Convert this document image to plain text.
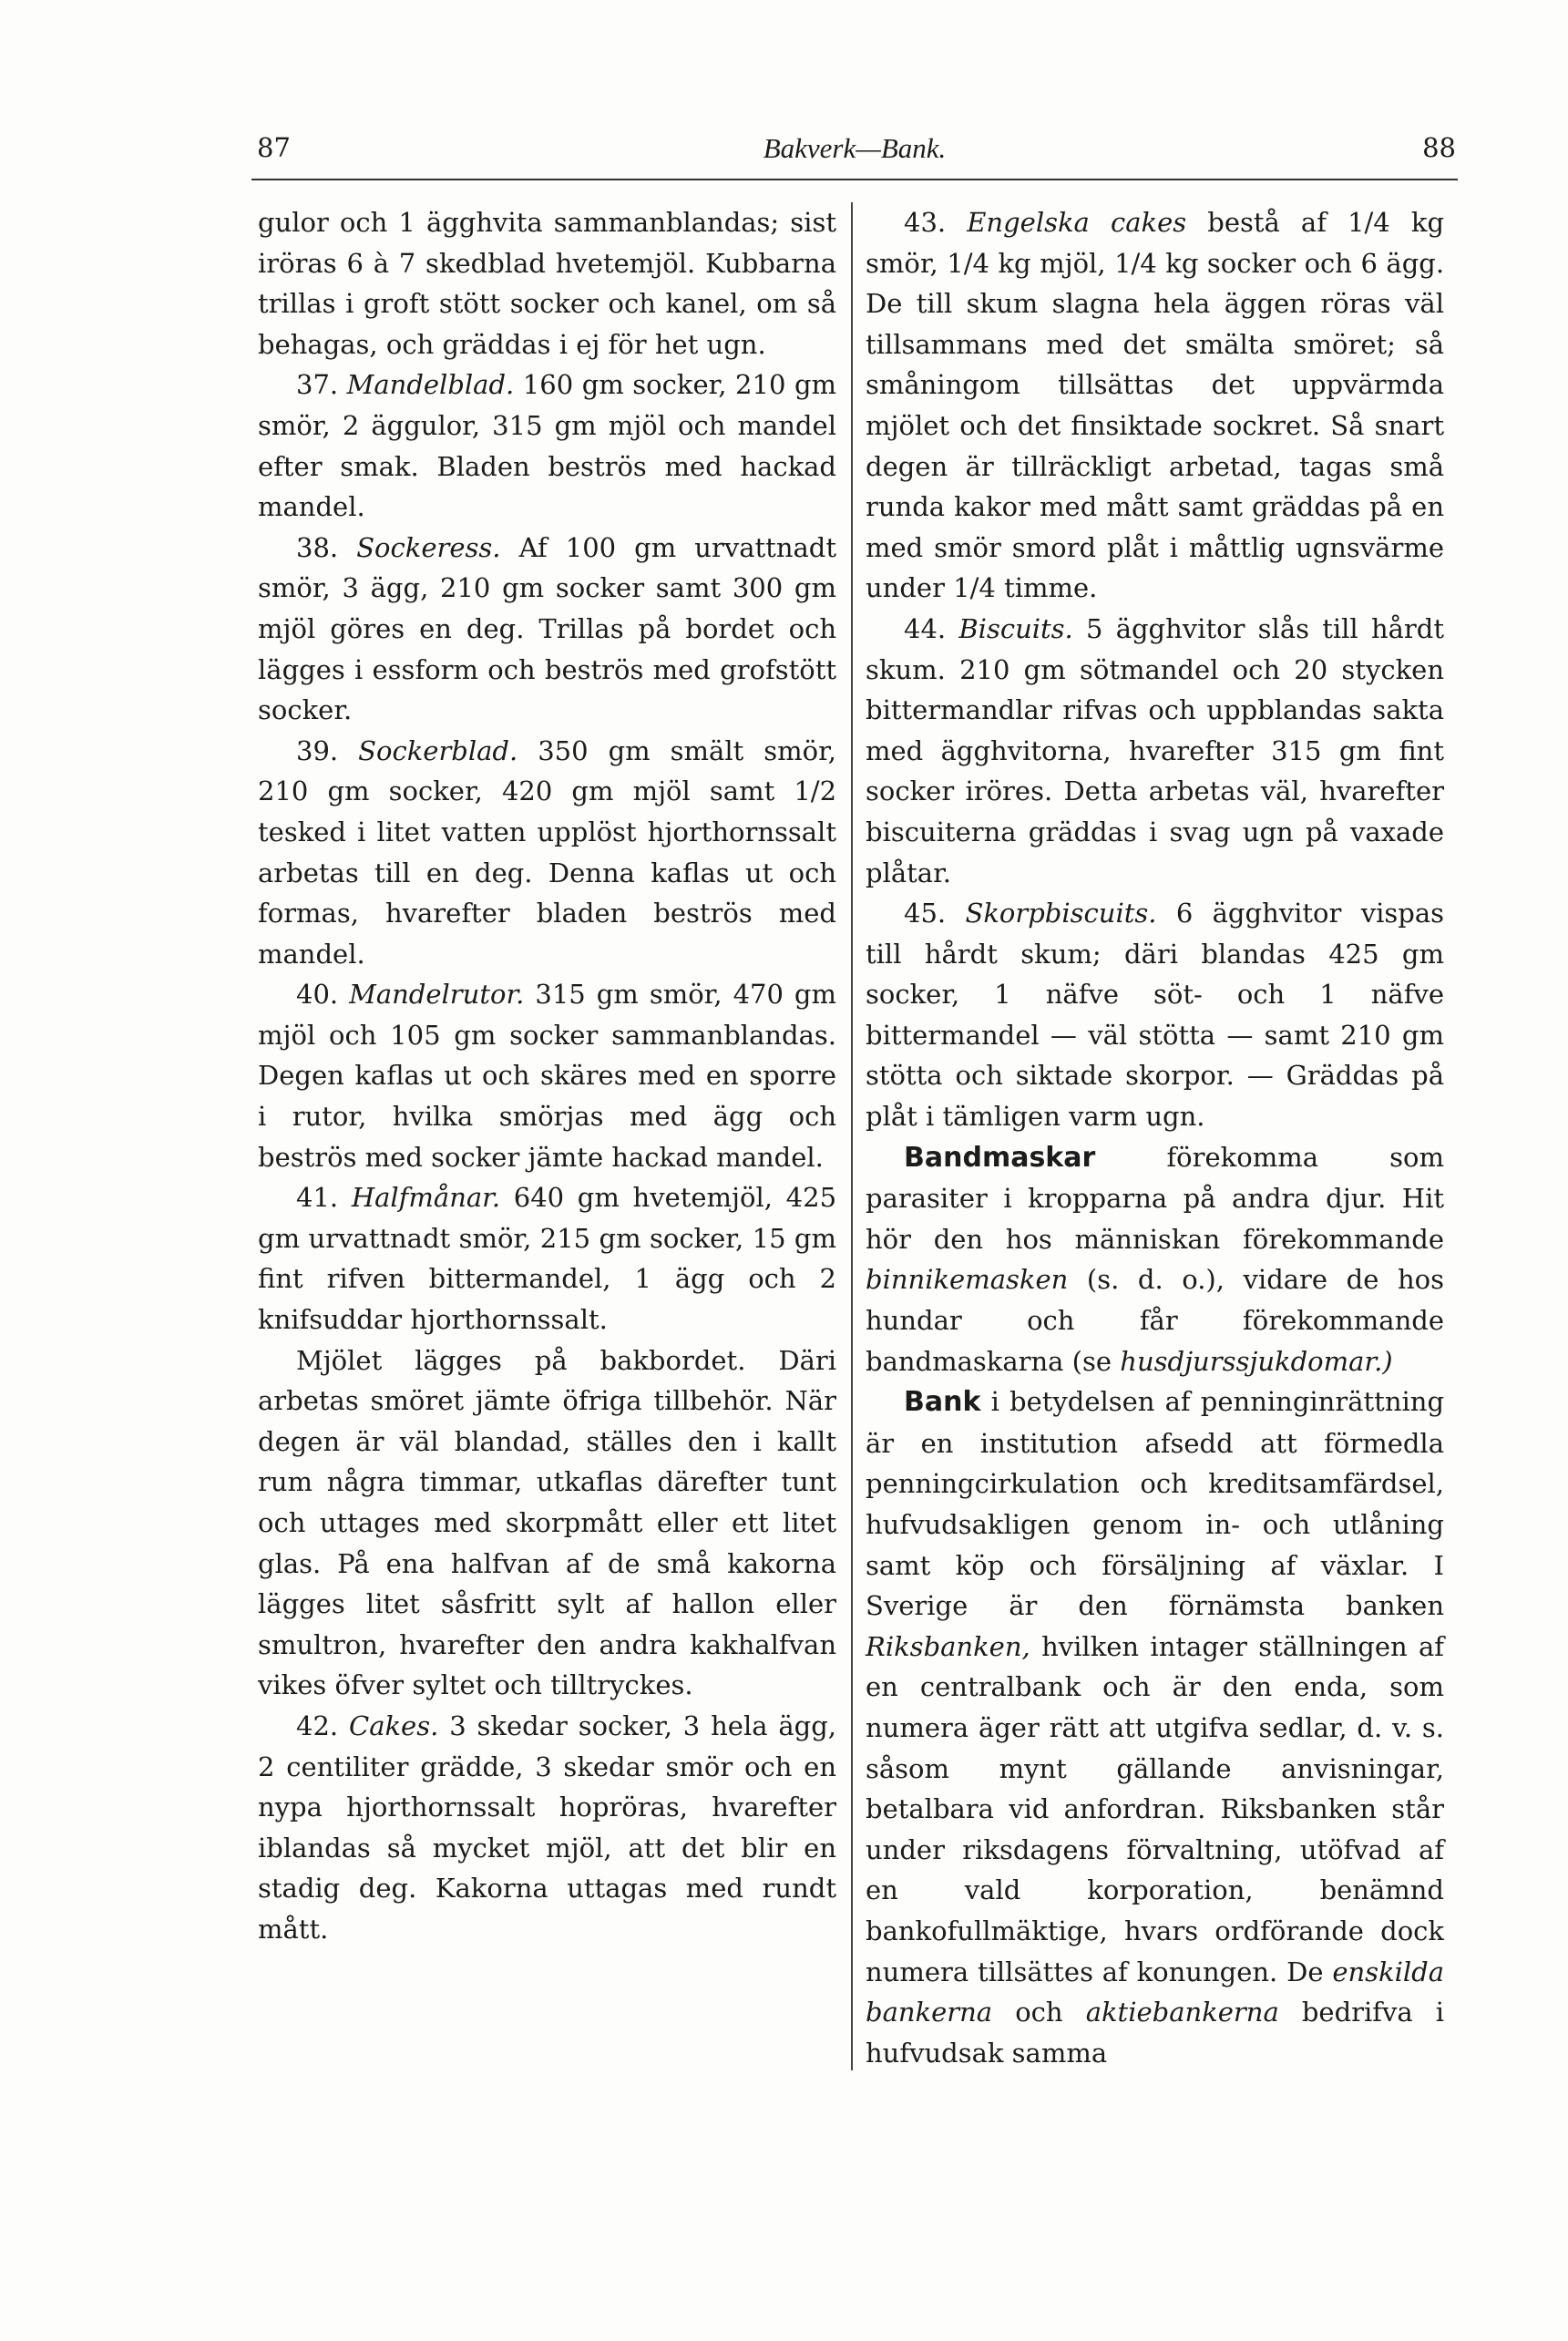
87	Bakverk—Bank.	88

gulor och 1 ägghvita sammanblandas; sist iröras 6 à 7 skedblad hvetemjöl. Kubbarna trillas i groft stött socker och kanel, om så behagas, och gräddas i ej för het ugn.

37. Mandelblad. 160 gm socker, 210 gm smör, 2 äggulor, 315 gm mjöl och mandel efter smak. Bladen beströs med hackad mandel.

38. Sockeress. Af 100 gm urvattnadt smör, 3 ägg, 210 gm socker samt 300 gm mjöl göres en deg. Trillas på bordet och lägges i essform och beströs med grofstött socker.

39. Sockerblad. 350 gm smält smör, 210 gm socker, 420 gm mjöl samt 1/2 tesked i litet vatten upplöst hjorthornssalt arbetas till en deg. Denna kaflas ut och formas, hvarefter bladen beströs med mandel.

40. Mandelrutor. 315 gm smör, 470 gm mjöl och 105 gm socker sammanblandas. Degen kaflas ut och skäres med en sporre i rutor, hvilka smörjas med ägg och beströs med socker jämte hackad mandel.

41. Halfmånar. 640 gm hvetemjöl, 425 gm urvattnadt smör, 215 gm socker, 15 gm fint rifven bittermandel, 1 ägg och 2 knifsuddar hjorthornssalt.

Mjölet lägges på bakbordet. Däri arbetas smöret jämte öfriga tillbehör. När degen är väl blandad, ställes den i kallt rum några timmar, utkaflas därefter tunt och uttages med skorpmått eller ett litet glas. På ena halfvan af de små kakorna lägges litet såsfritt sylt af hallon eller smultron, hvarefter den andra kakhalfvan vikes öfver syltet och tilltryckes.

42. Cakes. 3 skedar socker, 3 hela ägg, 2 centiliter grädde, 3 skedar smör och en nypa hjorthornssalt hopröras, hvarefter iblandas så mycket mjöl, att det blir en stadig deg. Kakorna uttagas med rundt mått.

43. Engelska cakes bestå af 1/4 kg smör, 1/4 kg mjöl, 1/4 kg socker och 6 ägg. De till skum slagna hela äggen röras väl tillsammans med det smälta smöret; så småningom tillsättas det uppvärmda mjölet och det finsiktade sockret. Så snart degen är tillräckligt arbetad, tagas små runda kakor med mått samt gräddas på en med smör smord plåt i måttlig ugnsvärme under 1/4 timme.

44. Biscuits. 5 ägghvitor slås till hårdt skum. 210 gm sötmandel och 20 stycken bittermandlar rifvas och uppblandas sakta med ägghvitorna, hvarefter 315 gm fint socker iröres. Detta arbetas väl, hvarefter biscuiterna gräddas i svag ugn på vaxade plåtar.

45. Skorpbiscuits. 6 ägghvitor vispas till hårdt skum; däri blandas 425 gm socker, 1 näfve söt- och 1 näfve bittermandel — väl stötta — samt 210 gm stötta och siktade skorpor. — Gräddas på plåt i tämligen varm ugn.

Bandmaskar	förekomma som parasiter i kropparna på andra djur. Hit hör den hos människan förekommande binnikemasken (s. d. o.), vidare de hos hundar och får förekommande bandmaskarna (se husdjurssjukdomar.)

Bank i betydelsen af penninginrättning är en institution afsedd att förmedla penningcirkulation och kreditsamfärdsel, hufvudsakligen genom in- och utlåning samt köp och försäljning af växlar. I Sverige är den förnämsta banken Riksbanken, hvilken intager ställningen af en centralbank och är den enda, som numera äger rätt att utgifva sedlar, d. v. s. såsom mynt gällande anvisningar, betalbara vid anfordran. Riksbanken står under riksdagens förvaltning, utöfvad af en vald korporation, benämnd bankofullmäktige, hvars ordförande dock numera tillsättes af konungen. De enskilda bankerna och aktiebankerna bedrifva i hufvudsak samma
